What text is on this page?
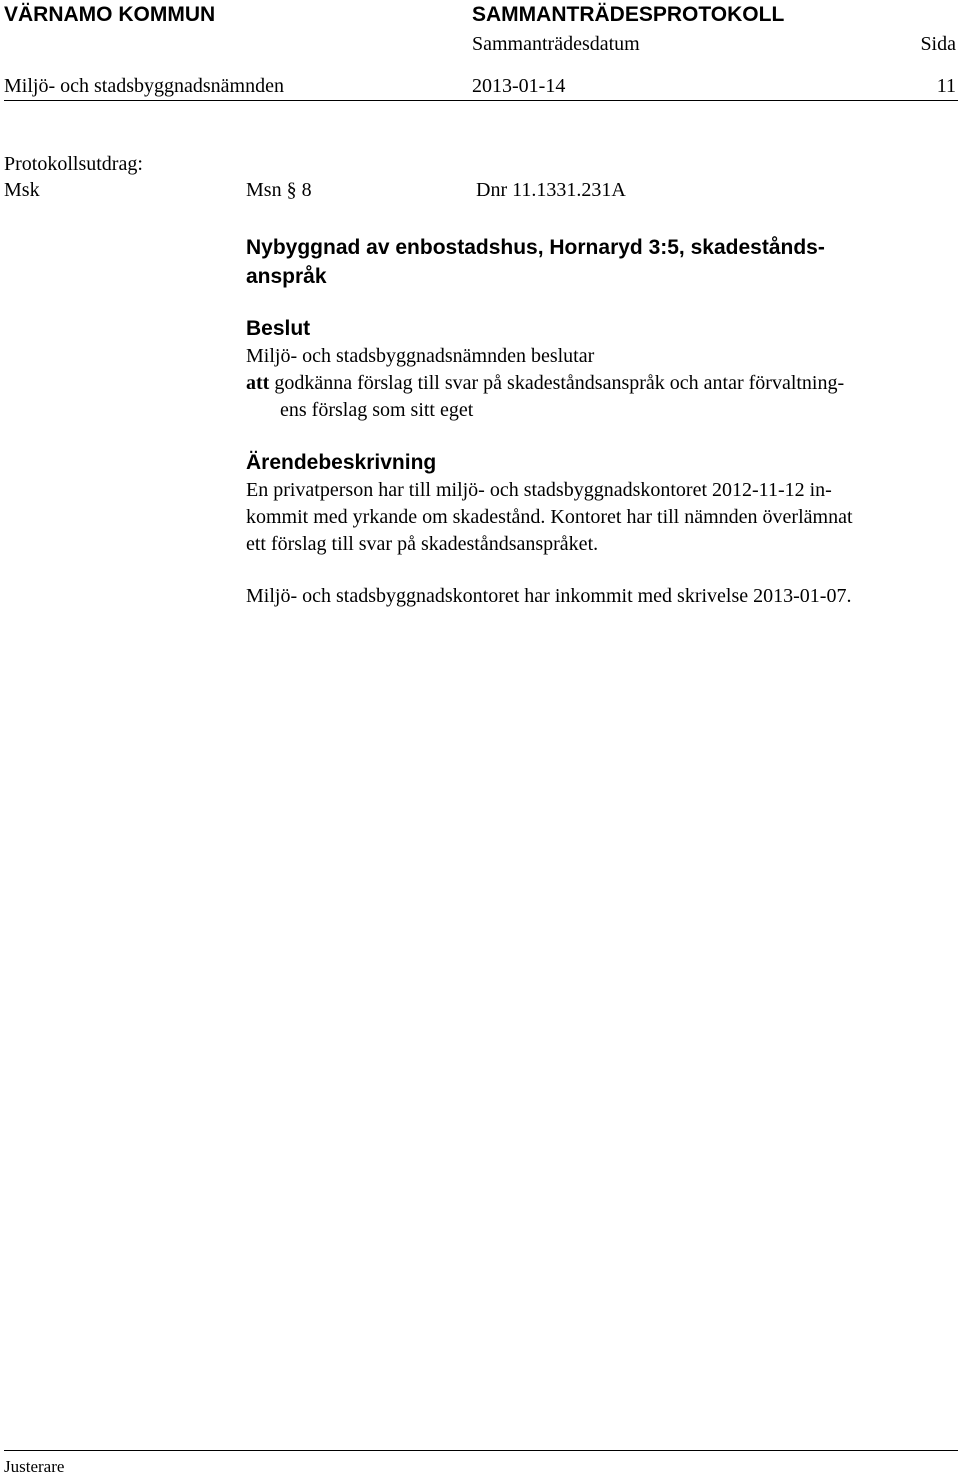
VÄRNAMO KOMMUN	SAMMANTRÄDESPROTOKOLL
Sammanträdesdatum	Sida
Miljö- och stadsbyggnadsnämnden	2013-01-14	11
Protokollsutdrag:
Msk	Msn § 8	Dnr 11.1331.231A
Nybyggnad av enbostadshus, Hornaryd 3:5, skadestånds-
anspråk
Beslut
Miljö- och stadsbyggnadsnämnden beslutar
att godkänna förslag till svar på skadeståndsanspråk och antar förvaltning-
ens förslag som sitt eget
Ärendebeskrivning
En privatperson har till miljö- och stadsbyggnadskontoret 2012-11-12 in-
kommit med yrkande om skadestånd. Kontoret har till nämnden överlämnat
ett förslag till svar på skadeståndsanspråket.
Miljö- och stadsbyggnadskontoret har inkommit med skrivelse 2013-01-07.
Justerare
